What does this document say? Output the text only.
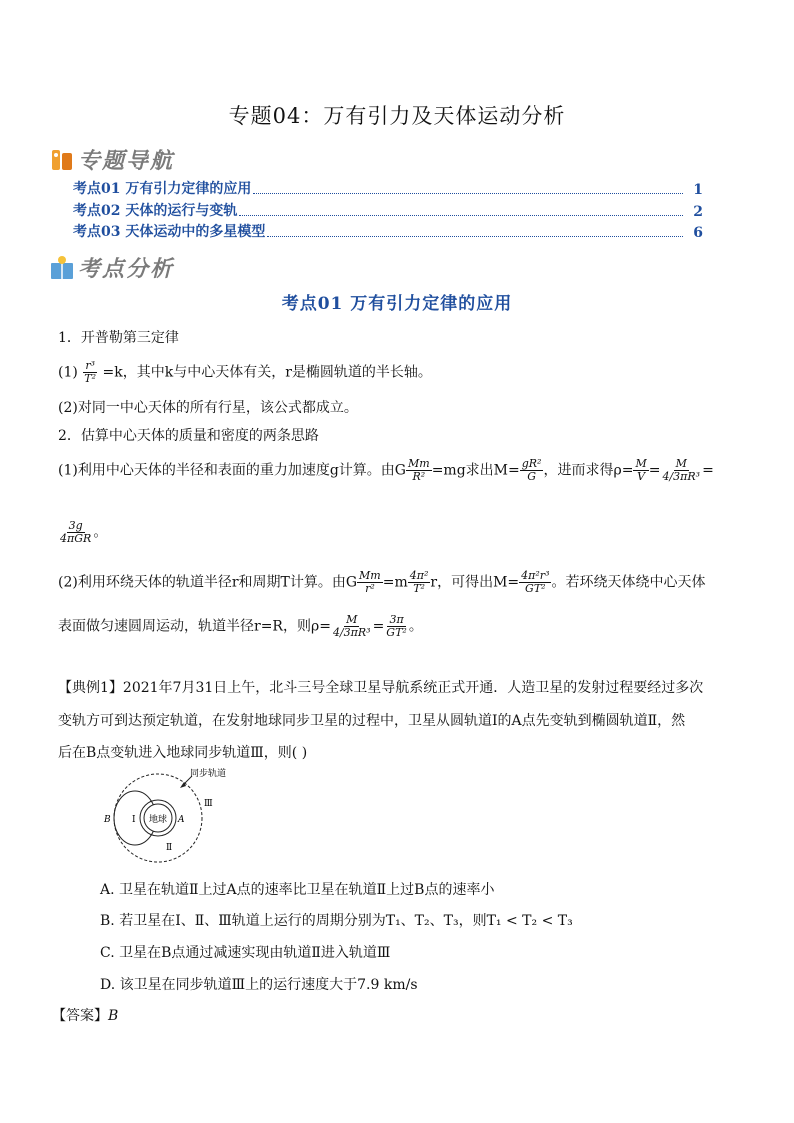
专题04：万有引力及天体运动分析
专题导航
考点01 万有引力定律的应用	1
考点02 天体的运行与变轨	2
考点03 天体运动中的多星模型	6
考点分析
考点01 万有引力定律的应用
1．开普勒第三定律
$(1) \frac{\text{r³}}{\text{T²}} =k$，其中k与中心天体有关，r是椭圆轨道的半长轴。
(2)对同一中心天体的所有行星，该公式都成立。
2．估算中心天体的质量和密度的两条思路
(1)利用中心天体的半径和表面的重力加速度g计算。由G $\frac{Mm}{\text{R²}} =mg$求出$M= \frac{\text{gR²}}{G}$ ，进而求得$\rho= \frac{M}{V} = \frac{M}{\text{4/3πR³}}$ =
$\frac{3g}{\text{4πGR}}$ 。
(2)利用环绕天体的轨道半径r和周期T计算。由G $\frac{Mm}{\text{r²}} =m \frac{\text{4π²}}{\text{T²}}$ r，可得出$M= \frac{\text{4π²r³}}{\text{GT²}}$ 。若环绕天体绕中心天体
表面做匀速圆周运动，轨道半径r=R，则$\rho= \frac{M}{\text{4/3πR³}} = \frac{3\pi}{\text{GT²}}$ 。
【典例1】2021年7月31日上午，北斗三号全球卫星导航系统正式开通．人造卫星的发射过程要经过多次
变轨方可到达预定轨道，在发射地球同步卫星的过程中，卫星从圆轨道Ⅰ的A点先变轨到椭圆轨道Ⅱ，然
后在B点变轨进入地球同步轨道Ⅲ，则( )
同步轨道
地球 A
B Ⅰ
Ⅱ
Ⅲ
A. 卫星在轨道Ⅱ上过A点的速率比卫星在轨道Ⅱ上过B点的速率小
B. 若卫星在Ⅰ、Ⅱ、Ⅲ轨道上运行的周期分别为T₁、T₂、T₃，则T₁ < T₂ < T₃
C. 卫星在B点通过减速实现由轨道Ⅱ进入轨道Ⅲ
D. 该卫星在同步轨道Ⅲ上的运行速度大于7.9 km/s
【答案】B
